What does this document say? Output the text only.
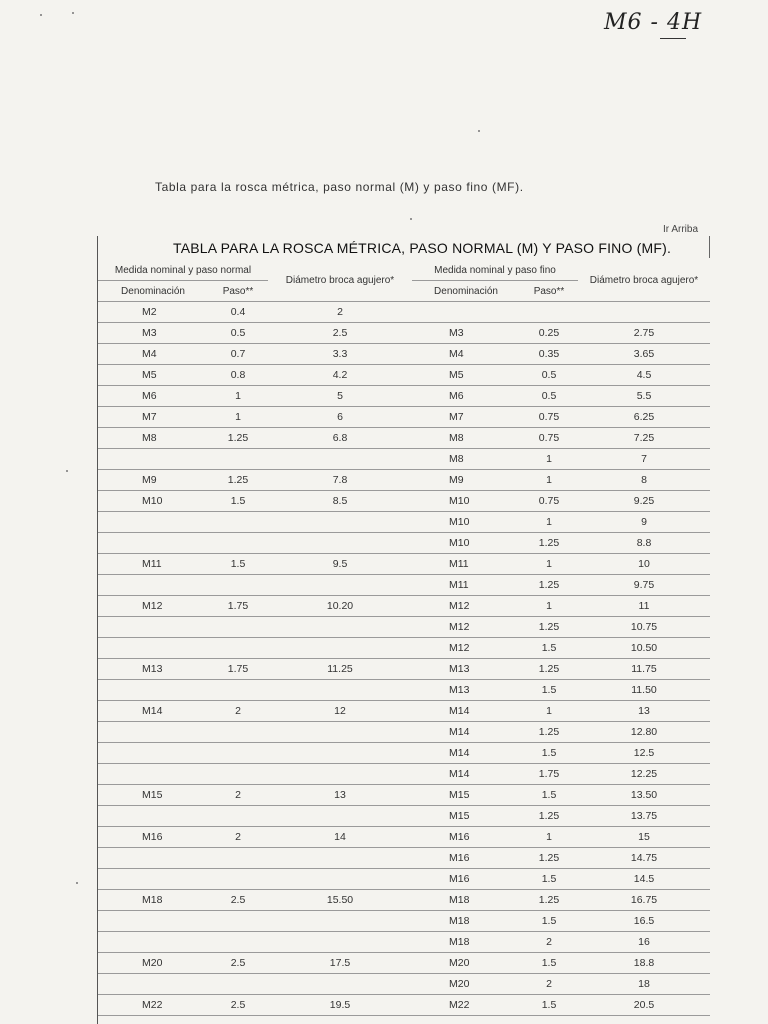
M6 - 4H
Tabla para la rosca métrica, paso normal (M) y paso fino (MF).
Ir Arriba
TABLA PARA LA ROSCA MÉTRICA, PASO NORMAL (M) Y PASO FINO (MF).
Medida nominal y paso normal		Diámetro broca agujero*	Medida nominal y paso fino		Diámetro broca agujero*
Denominación	Paso**		Denominación	Paso**	
M2	0.4	2			
M3	0.5	2.5	M3	0.25	2.75
M4	0.7	3.3	M4	0.35	3.65
M5	0.8	4.2	M5	0.5	4.5
M6	1	5	M6	0.5	5.5
M7	1	6	M7	0.75	6.25
M8	1.25	6.8	M8	0.75	7.25
			M8	1	7
M9	1.25	7.8	M9	1	8
M10	1.5	8.5	M10	0.75	9.25
			M10	1	9
			M10	1.25	8.8
M11	1.5	9.5	M11	1	10
			M11	1.25	9.75
M12	1.75	10.20	M12	1	11
			M12	1.25	10.75
			M12	1.5	10.50
M13	1.75	11.25	M13	1.25	11.75
			M13	1.5	11.50
M14	2	12	M14	1	13
			M14	1.25	12.80
			M14	1.5	12.5
			M14	1.75	12.25
M15	2	13	M15	1.5	13.50
			M15	1.25	13.75
M16	2	14	M16	1	15
			M16	1.25	14.75
			M16	1.5	14.5
M18	2.5	15.50	M18	1.25	16.75
			M18	1.5	16.5
			M18	2	16
M20	2.5	17.5	M20	1.5	18.8
			M20	2	18
M22	2.5	19.5	M22	1.5	20.5
